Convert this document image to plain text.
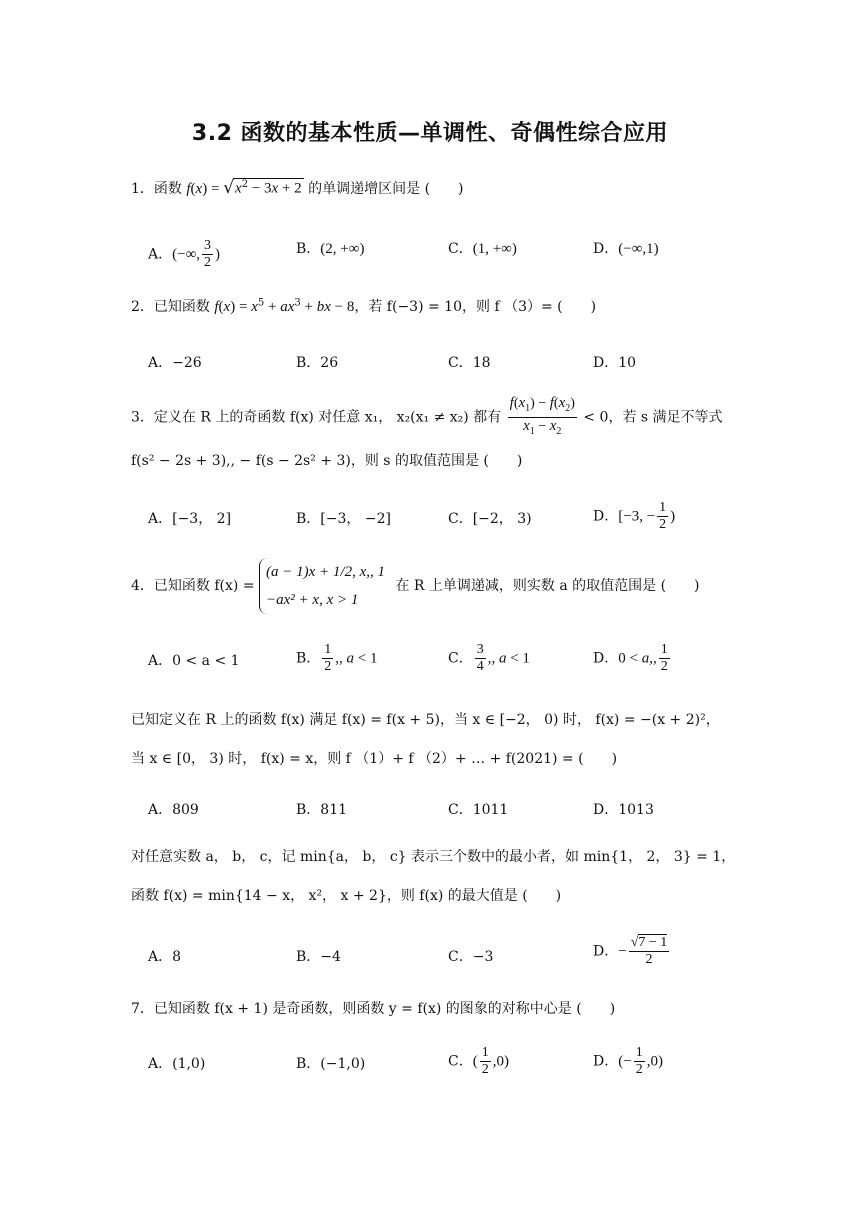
3.2 函数的基本性质—单调性、奇偶性综合应用
1．函数 $f(x) = √x^2 - 3x + 2$ 的单调递增区间是 (　　)
A．(−∞, $\frac{3}{2}$ )	B．(2, +∞)	C．(1, +∞)	D．(−∞,1)
2．已知函数 $f(x) = x^5 + ax^3$ + bx − 8，若 f(−3) = 10，则 f （3）= (　　)
A．−26	B．26	C．18	D．10
3．定义在 R 上的奇函数 f(x) 对任意 x₁， x₂(x₁ ≠ x₂) 都有 $\frac{f(x_1) - f(x_2)}{x_1 - x_2} < 0$，若 s 满足不等式
f(s² − 2s + 3),, − f(s − 2s² + 3)，则 s 的取值范围是 (　　)
A．[−3， 2]	B．[−3， −2]	C．[−2， 3)	D．[−3, − $\frac{1}{2}$ )
4．已知函数 f(x) =
(a − 1)x + 1/2, x,, 1
−ax² + x, x > 1
在 R 上单调递减，则实数 a 的取值范围是 (　　)
A．0 < a < 1	B． $\frac{1}{2}$ ,, a < 1	C． $\frac{3}{4}$ ,, a < 1	D．0 < a,, $\frac{1}{2}$
已知定义在 R 上的函数 f(x) 满足 f(x) = f(x + 5)，当 x ∈ [−2， 0) 时， f(x) = −(x + 2)²，
当 x ∈ [0， 3) 时， f(x) = x，则 f （1）+ f （2）+ … + f(2021) = (　　)
A．809	B．811	C．1011	D．1013
对任意实数 a， b， c，记 min{a， b， c} 表示三个数中的最小者，如 min{1， 2， 3} = 1，
函数 f(x) = min{14 − x， x²， x + 2}，则 f(x) 的最大值是 (　　)
A．8	B．−4	C．−3	D．− $\frac{√7 - 1}{2}$
7．已知函数 f(x + 1) 是奇函数，则函数 y = f(x) 的图象的对称中心是 (　　)
A．(1,0)	B．(−1,0)	C．( $\frac{1}{2} ,0$)	D．(− $\frac{1}{2} ,0$)
